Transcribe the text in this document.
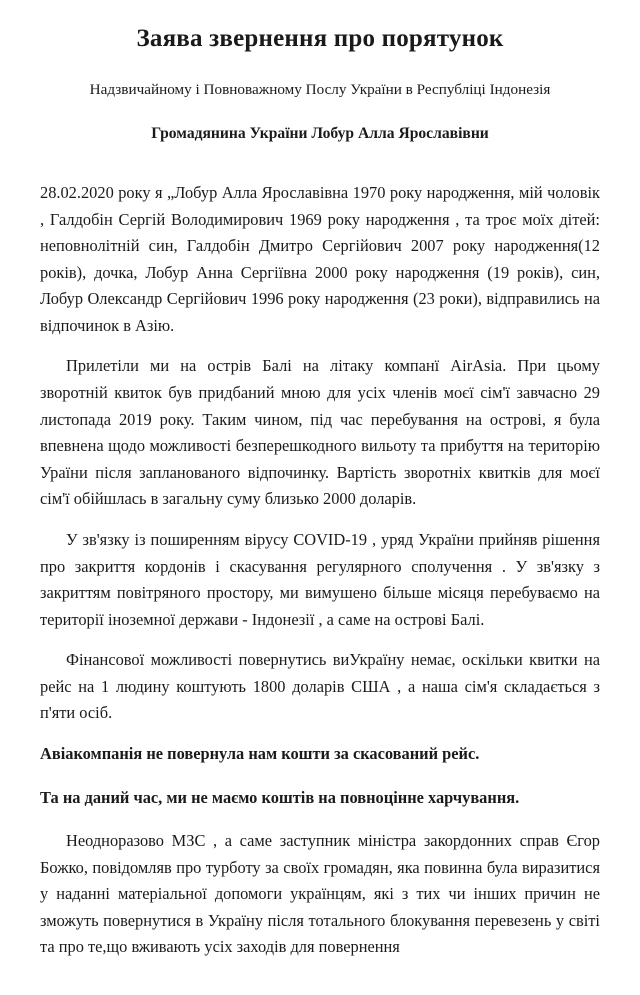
Заява звернення про порятунок
Надзвичайному і Повноважному Послу України в Республіці Індонезія
Громадянина України Лобур Алла Ярославівни

28.02.2020 року я „Лобур Алла Ярославівна 1970 року народження, мій чоловік , Галдобін Сергій Володимирович 1969 року народження , та троє моїх дітей: неповнолітній син, Галдобін Дмитро Сергійович 2007 року народження(12 років), дочка, Лобур Анна Сергіївна 2000 року народження (19 років), син, Лобур Олександр Сергійович 1996 року народження (23 роки), відправились на відпочинок в Азію.

Прилетіли ми на острів Балі на літаку компанї AirAsia. При цьому зворотній квиток був придбаний мною для усіх членів моєї сім'ї завчасно 29 листопада 2019 року. Таким чином, під час перебування на острові, я була впевнена щодо можливості безперешкодного вильоту та прибуття на територію Ураїни після запланованого відпочинку. Вартість зворотніх квитків для моєї сім'ї обійшлась в загальну суму близько 2000 доларів.

У зв'язку із поширенням вірусу COVID-19 , уряд України прийняв рішення про закриття кордонів і скасування регулярного сполучення . У зв'язку з закриттям повітряного простору, ми вимушено більше місяця перебуваємо на території іноземної держави - Індонезії , а саме на острові Балі.

Фінансової можливості повернутись виУкраїну немає, оскільки квитки на рейс на 1 людину коштують 1800 доларів США , а наша сім'я складається з п'яти осіб.

Авіакомпанія не повернула нам кошти за скасований рейс.

Та на даний час, ми не маємо коштів на повноцінне харчування.

Неодноразово МЗС , а саме заступник міністра закордонних справ Єгор Божко, повідомляв про турботу за своїх громадян, яка повинна була виразитися у наданні матеріальної допомоги українцям, які з тих чи інших причин не зможуть повернутися в Україну після тотального блокування перевезень у світі та про те,що вживають усіх заходів для повернення
